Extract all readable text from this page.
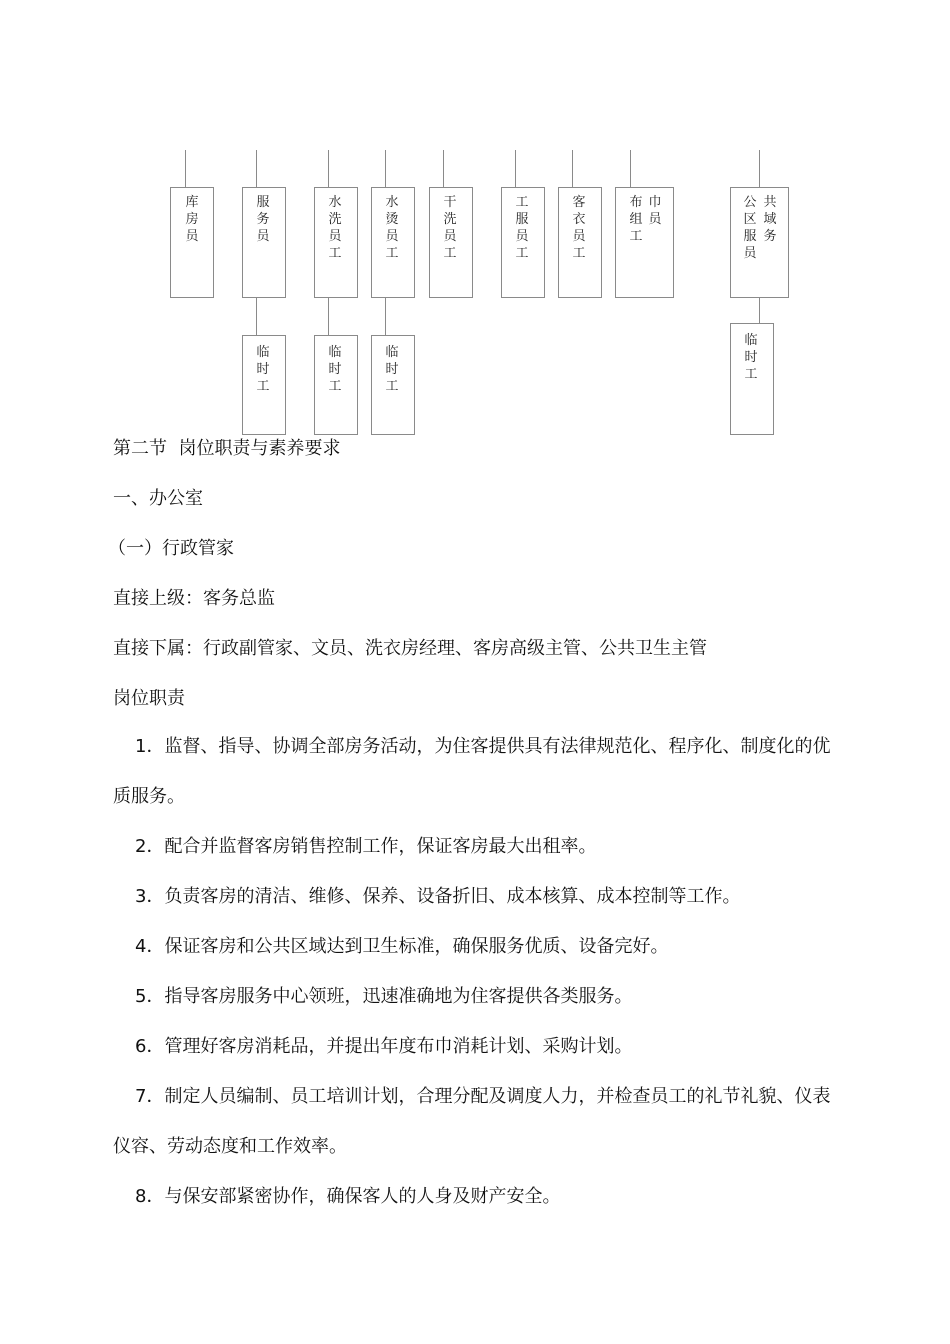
库房员
服务员
水洗员工
水烫员工
干洗员工
工服员工
客衣员工
布组工
巾员
公区服员
共域务
临时工
临时工
临时工
临时工
第二节  岗位职责与素养要求
一、办公室
（一）行政管家
直接上级：客务总监
直接下属：行政副管家、文员、洗衣房经理、客房高级主管、公共卫生主管
岗位职责
1．监督、指导、协调全部房务活动，为住客提供具有法律规范化、程序化、制度化的优质服务。
2．配合并监督客房销售控制工作，保证客房最大出租率。
3．负责客房的清洁、维修、保养、设备折旧、成本核算、成本控制等工作。
4．保证客房和公共区域达到卫生标准，确保服务优质、设备完好。
5．指导客房服务中心领班，迅速准确地为住客提供各类服务。
6．管理好客房消耗品，并提出年度布巾消耗计划、采购计划。
7．制定人员编制、员工培训计划，合理分配及调度人力，并检查员工的礼节礼貌、仪表仪容、劳动态度和工作效率。
8．与保安部紧密协作，确保客人的人身及财产安全。
